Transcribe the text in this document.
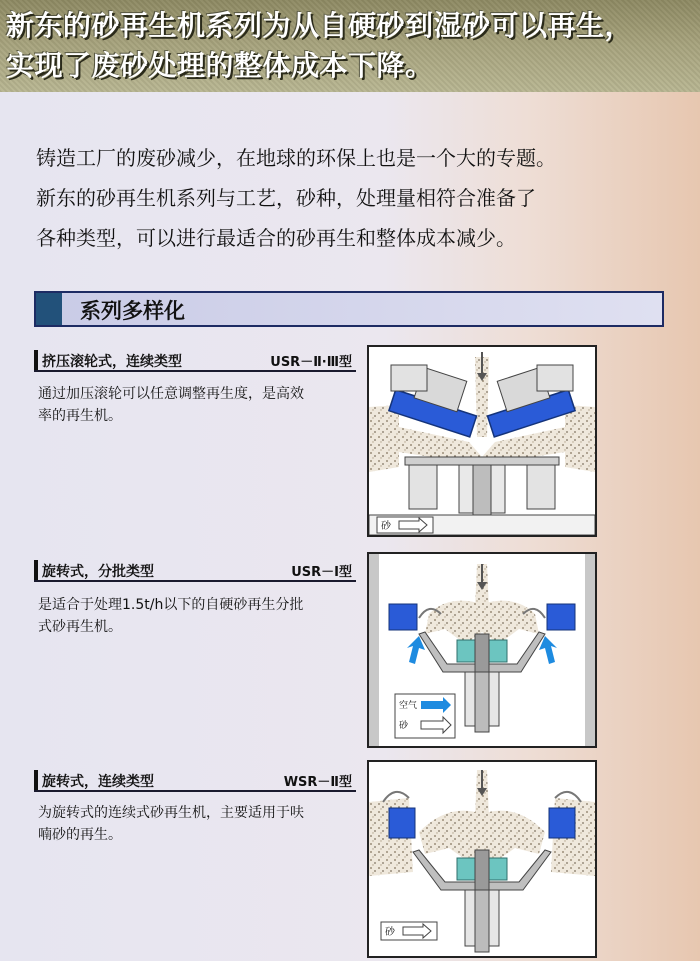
新东的砂再生机系列为从自硬砂到湿砂可以再生，
实现了废砂处理的整体成本下降。
铸造工厂的废砂减少，在地球的环保上也是一个大的专题。
新东的砂再生机系列与工艺，砂种，处理量相符合准备了
各种类型，可以进行最适合的砂再生和整体成本减少。
系列多样化
挤压滚轮式，连续类型	USR－Ⅱ·Ⅲ型
通过加压滚轮可以任意调整再生度，是高效
率的再生机。
砂
旋转式，分批类型	USR－Ⅰ型
是适合于处理1.5t/h以下的自硬砂再生分批
式砂再生机。
空气
砂
旋转式，连续类型	WSR－Ⅱ型
为旋转式的连续式砂再生机，主要适用于呋
喃砂的再生。
砂
